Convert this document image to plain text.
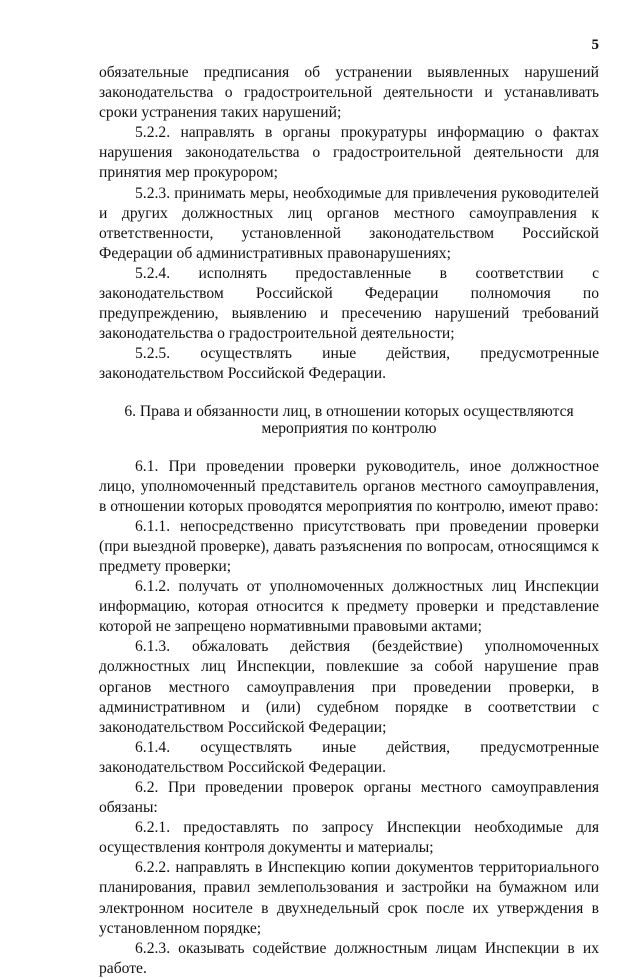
5

обязательные предписания об устранении выявленных нарушений законодательства о градостроительной деятельности и устанавливать сроки устранения таких нарушений;

5.2.2. направлять в органы прокуратуры информацию о фактах нарушения законодательства о градостроительной деятельности для принятия мер прокурором;

5.2.3. принимать меры, необходимые для привлечения руководителей и других должностных лиц органов местного самоуправления к ответственности, установленной законодательством Российской Федерации об административных правонарушениях;

5.2.4. исполнять предоставленные в соответствии с законодательством Российской Федерации полномочия по предупреждению, выявлению и пресечению нарушений требований законодательства о градостроительной деятельности;

5.2.5. осуществлять иные действия, предусмотренные законодательством Российской Федерации.

6. Права и обязанности лиц, в отношении которых осуществляются
мероприятия по контролю

6.1. При проведении проверки руководитель, иное должностное лицо, уполномоченный представитель органов местного самоуправления, в отношении которых проводятся мероприятия по контролю, имеют право:

6.1.1. непосредственно присутствовать при проведении проверки (при выездной проверке), давать разъяснения по вопросам, относящимся к предмету проверки;

6.1.2. получать от уполномоченных должностных лиц Инспекции информацию, которая относится к предмету проверки и представление которой не запрещено нормативными правовыми актами;

6.1.3. обжаловать действия (бездействие) уполномоченных должностных лиц Инспекции, повлекшие за собой нарушение прав органов местного самоуправления при проведении проверки, в административном и (или) судебном порядке в соответствии с законодательством Российской Федерации;

6.1.4. осуществлять иные действия, предусмотренные законодательством Российской Федерации.

6.2. При проведении проверок органы местного самоуправления обязаны:

6.2.1. предоставлять по запросу Инспекции необходимые для осуществления контроля документы и материалы;

6.2.2. направлять в Инспекцию копии документов территориального планирования, правил землепользования и застройки на бумажном или электронном носителе в двухнедельный срок после их утверждения в установленном порядке;

6.2.3. оказывать содействие должностным лицам Инспекции в их работе.
